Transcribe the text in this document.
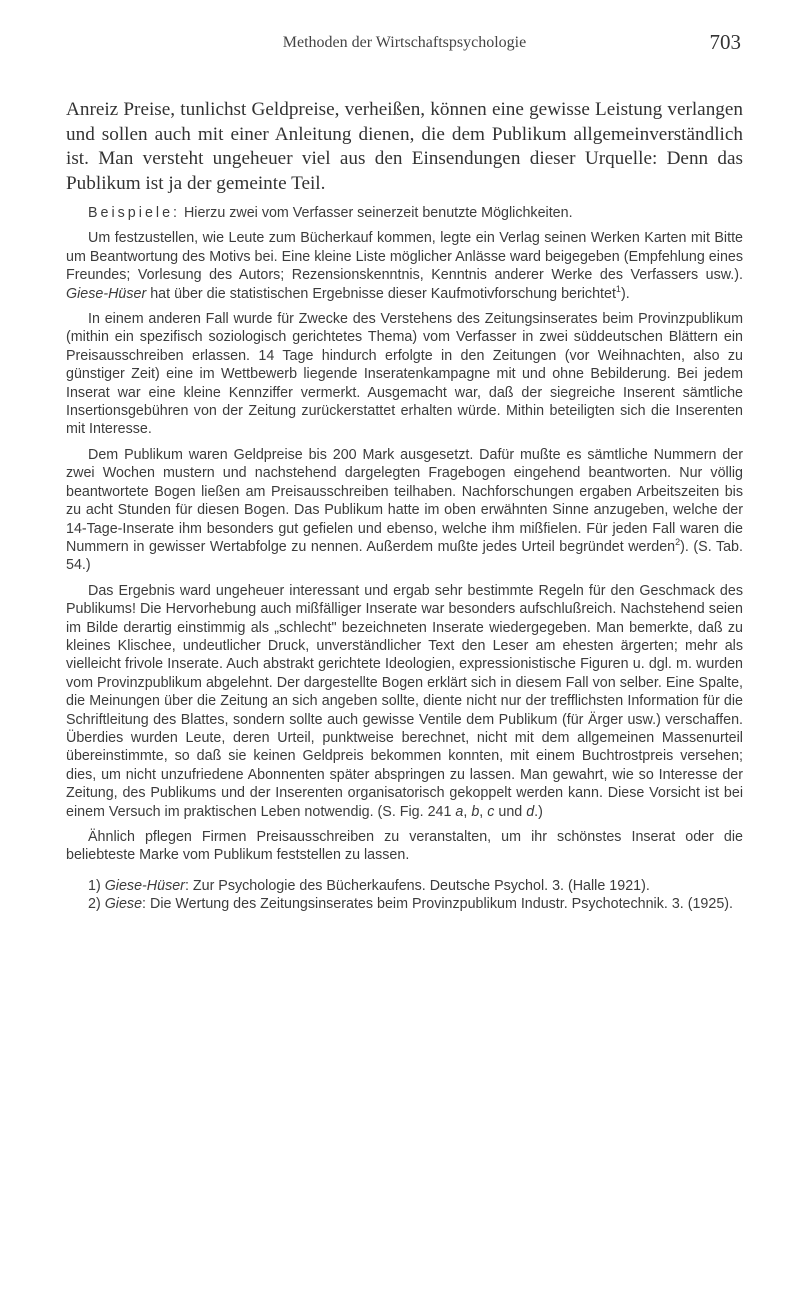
Methoden der Wirtschaftspsychologie	703

Anreiz Preise, tunlichst Geldpreise, verheißen, können eine gewisse Leistung verlangen und sollen auch mit einer Anleitung dienen, die dem Publikum allgemeinverständlich ist. Man versteht ungeheuer viel aus den Einsendungen dieser Urquelle: Denn das Publikum ist ja der gemeinte Teil.

Beispiele: Hierzu zwei vom Verfasser seinerzeit benutzte Möglichkeiten.

Um festzustellen, wie Leute zum Bücherkauf kommen, legte ein Verlag seinen Werken Karten mit Bitte um Beantwortung des Motivs bei. Eine kleine Liste möglicher Anlässe ward beigegeben (Empfehlung eines Freundes; Vorlesung des Autors; Rezensionskenntnis, Kenntnis anderer Werke des Verfassers usw.). Giese-Hüser hat über die statistischen Ergebnisse dieser Kaufmotivforschung berichtet$^1$).

In einem anderen Fall wurde für Zwecke des Verstehens des Zeitungsinserates beim Provinzpublikum (mithin ein spezifisch soziologisch gerichtetes Thema) vom Verfasser in zwei süddeutschen Blättern ein Preisausschreiben erlassen. 14 Tage hindurch erfolgte in den Zeitungen (vor Weihnachten, also zu günstiger Zeit) eine im Wettbewerb liegende Inseratenkampagne mit und ohne Bebilderung. Bei jedem Inserat war eine kleine Kennziffer vermerkt. Ausgemacht war, daß der siegreiche Inserent sämtliche Insertionsgebühren von der Zeitung zurückerstattet erhalten würde. Mithin beteiligten sich die Inserenten mit Interesse.

Dem Publikum waren Geldpreise bis 200 Mark ausgesetzt. Dafür mußte es sämtliche Nummern der zwei Wochen mustern und nachstehend dargelegten Fragebogen eingehend beantworten. Nur völlig beantwortete Bogen ließen am Preisausschreiben teilhaben. Nachforschungen ergaben Arbeitszeiten bis zu acht Stunden für diesen Bogen. Das Publikum hatte im oben erwähnten Sinne anzugeben, welche der 14-Tage-Inserate ihm besonders gut gefielen und ebenso, welche ihm mißfielen. Für jeden Fall waren die Nummern in gewisser Wertabfolge zu nennen. Außerdem mußte jedes Urteil begründet werden$^2$). (S. Tab. 54.)

Das Ergebnis ward ungeheuer interessant und ergab sehr bestimmte Regeln für den Geschmack des Publikums! Die Hervorhebung auch mißfälliger Inserate war besonders aufschlußreich. Nachstehend seien im Bilde derartig einstimmig als „schlecht" bezeichneten Inserate wiedergegeben. Man bemerkte, daß zu kleines Klischee, undeutlicher Druck, unverständlicher Text den Leser am ehesten ärgerten; mehr als vielleicht frivole Inserate. Auch abstrakt gerichtete Ideologien, expressionistische Figuren u. dgl. m. wurden vom Provinzpublikum abgelehnt. Der dargestellte Bogen erklärt sich in diesem Fall von selber. Eine Spalte, die Meinungen über die Zeitung an sich angeben sollte, diente nicht nur der trefflichsten Information für die Schriftleitung des Blattes, sondern sollte auch gewisse Ventile dem Publikum (für Ärger usw.) verschaffen. Überdies wurden Leute, deren Urteil, punktweise berechnet, nicht mit dem allgemeinen Massenurteil übereinstimmte, so daß sie keinen Geldpreis bekommen konnten, mit einem Buchtrostpreis versehen; dies, um nicht unzufriedene Abonnenten später abspringen zu lassen. Man gewahrt, wie so Interesse der Zeitung, des Publikums und der Inserenten organisatorisch gekoppelt werden kann. Diese Vorsicht ist bei einem Versuch im praktischen Leben notwendig. (S. Fig. 241 a, b, c und d.)

Ähnlich pflegen Firmen Preisausschreiben zu veranstalten, um ihr schönstes Inserat oder die beliebteste Marke vom Publikum feststellen zu lassen.

1) Giese-Hüser: Zur Psychologie des Bücherkaufens. Deutsche Psychol. 3. (Halle 1921).

2) Giese: Die Wertung des Zeitungsinserates beim Provinzpublikum Industr. Psychotechnik. 3. (1925).
